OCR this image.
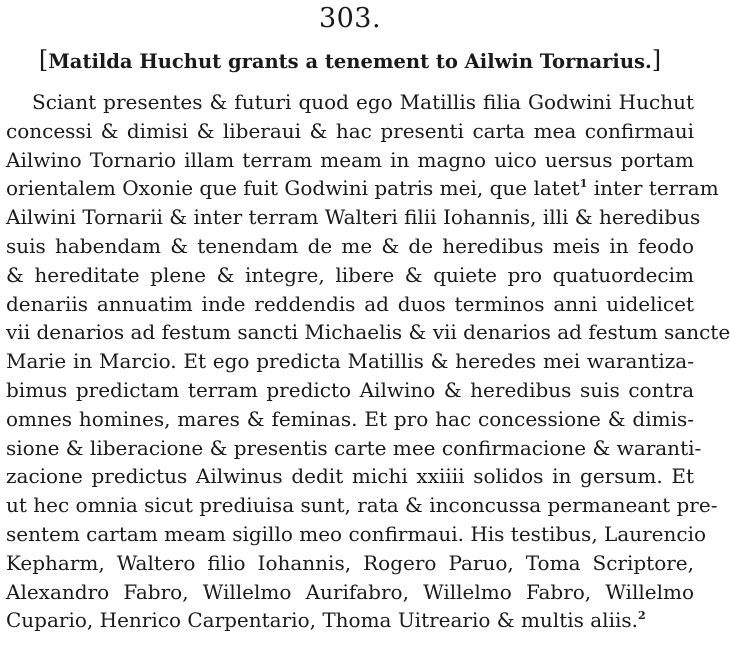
303.
[Matilda Huchut grants a tenement to Ailwin Tornarius.]
Sciant presentes & futuri quod ego Matillis filia Godwini Huchut
concessi & dimisi & liberaui & hac presenti carta mea confirmaui
Ailwino Tornario illam terram meam in magno uico uersus portam
orientalem Oxonie que fuit Godwini patris mei, que latet$^1$ inter terram
Ailwini Tornarii & inter terram Walteri filii Iohannis, illi & heredibus
suis habendam & tenendam de me & de heredibus meis in feodo
& hereditate plene & integre, libere & quiete pro quatuordecim
denariis annuatim inde reddendis ad duos terminos anni uidelicet
vii denarios ad festum sancti Michaelis & vii denarios ad festum sancte
Marie in Marcio. Et ego predicta Matillis & heredes mei warantiza-
bimus predictam terram predicto Ailwino & heredibus suis contra
omnes homines, mares & feminas. Et pro hac concessione & dimis-
sione & liberacione & presentis carte mee confirmacione & waranti-
zacione predictus Ailwinus dedit michi xxiiii solidos in gersum. Et
ut hec omnia sicut prediuisa sunt, rata & inconcussa permaneant pre-
sentem cartam meam sigillo meo confirmaui. His testibus, Laurencio
Kepharm, Waltero filio Iohannis, Rogero Paruo, Toma Scriptore,
Alexandro Fabro, Willelmo Aurifabro, Willelmo Fabro, Willelmo
Cupario, Henrico Carpentario, Thoma Uitreario & multis aliis.$^2$
